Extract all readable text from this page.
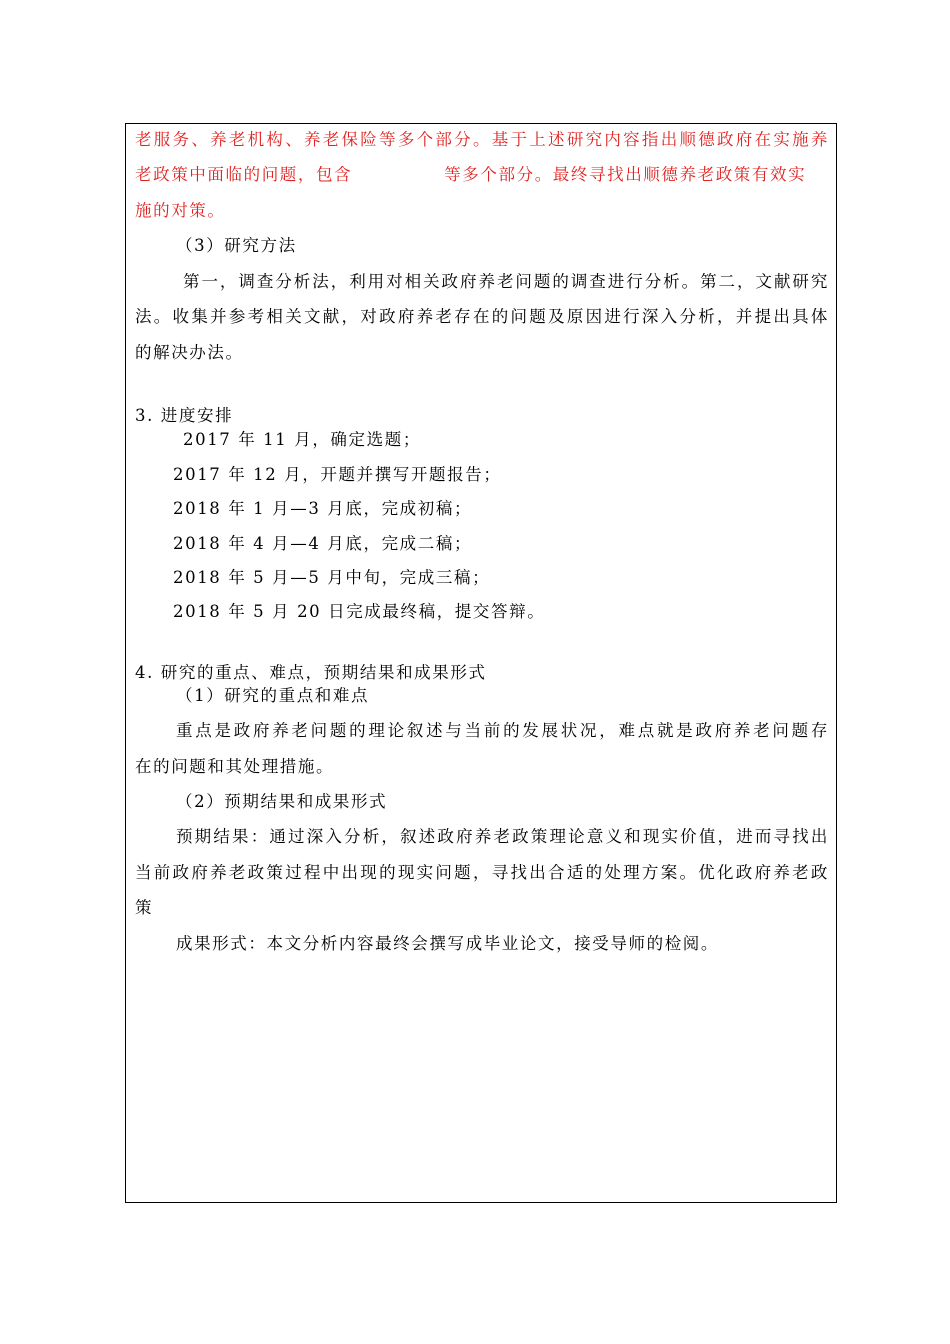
老服务、养老机构、养老保险等多个部分。基于上述研究内容指出顺德政府在实施养
老政策中面临的问题，包含	等多个部分。最终寻找出顺德养老政策有效实
施的对策。
（3）研究方法
第一，调查分析法，利用对相关政府养老问题的调查进行分析。第二，文献研究
法。收集并参考相关文献，对政府养老存在的问题及原因进行深入分析，并提出具体
的解决办法。
3. 进度安排
2017 年 11 月，确定选题；
2017 年 12 月，开题并撰写开题报告；
2018 年 1 月—3 月底，完成初稿；
2018 年 4 月—4 月底，完成二稿；
2018 年 5 月—5 月中旬，完成三稿；
2018 年 5 月 20 日完成最终稿，提交答辩。
4. 研究的重点、难点，预期结果和成果形式
（1）研究的重点和难点
重点是政府养老问题的理论叙述与当前的发展状况，难点就是政府养老问题存
在的问题和其处理措施。
（2）预期结果和成果形式
预期结果：通过深入分析，叙述政府养老政策理论意义和现实价值，进而寻找出
当前政府养老政策过程中出现的现实问题，寻找出合适的处理方案。优化政府养老政
策
成果形式：本文分析内容最终会撰写成毕业论文，接受导师的检阅。
